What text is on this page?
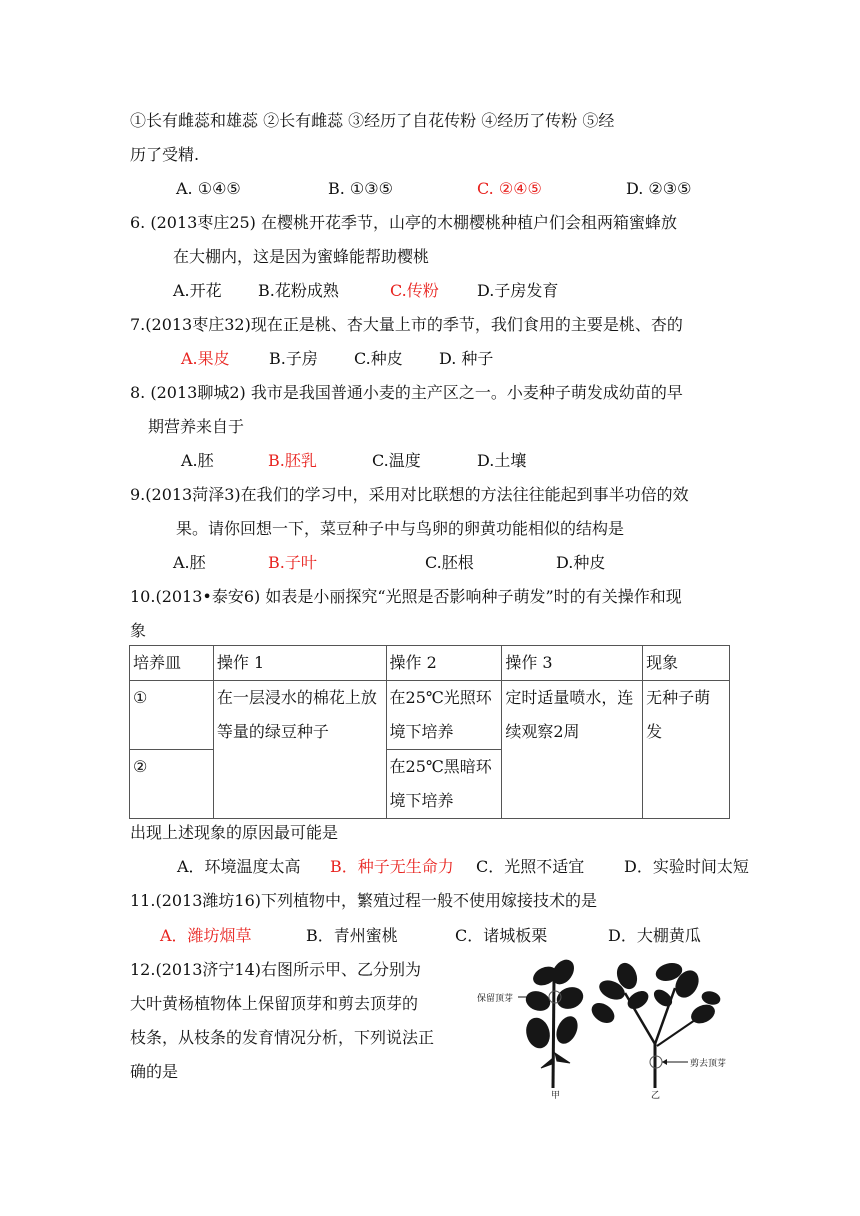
①长有雌蕊和雄蕊 ②长有雌蕊 ③经历了自花传粉 ④经历了传粉 ⑤经
历了受精.
A. ①④⑤	B. ①③⑤	C. ②④⑤	D. ②③⑤
6. (2013枣庄25) 在樱桃开花季节，山亭的木棚樱桃种植户们会租两箱蜜蜂放
在大棚内，这是因为蜜蜂能帮助樱桃
A.开花 B.花粉成熟	C.传粉 D.子房发育
7.(2013枣庄32)现在正是桃、杏大量上市的季节，我们食用的主要是桃、杏的
A.果皮 B.子房 C.种皮 D. 种子
8. (2013聊城2) 我市是我国普通小麦的主产区之一。小麦种子萌发成幼苗的早
期营养来自于
A.胚	B.胚乳	C.温度	D.土壤
9.(2013菏泽3)在我们的学习中，采用对比联想的方法往往能起到事半功倍的效
果。请你回想一下，菜豆种子中与鸟卵的卵黄功能相似的结构是
A.胚	B.子叶	C.胚根	D.种皮
10.(2013•泰安6) 如表是小丽探究“光照是否影响种子萌发”时的有关操作和现
象
培养皿	操作 1	操作 2	操作 3	现象
①	在一层浸水的棉花上放等量的绿豆种子	在25℃光照环境下培养	定时适量喷水，连续观察2周	无种子萌发
②		在25℃黑暗环境下培养		
出现上述现象的原因最可能是
A．环境温度太高 B．种子无生命力 C．光照不适宜 D．实验时间太短
11.(2013潍坊16)下列植物中，繁殖过程一般不使用嫁接技术的是
A．潍坊烟草	B．青州蜜桃	C．诸城板栗	D．大棚黄瓜
12.(2013济宁14)右图所示甲、乙分别为
大叶黄杨植物体上保留顶芽和剪去顶芽的
枝条，从枝条的发育情况分析，下列说法正
确的是
保留顶芽
甲
剪去顶芽
乙
